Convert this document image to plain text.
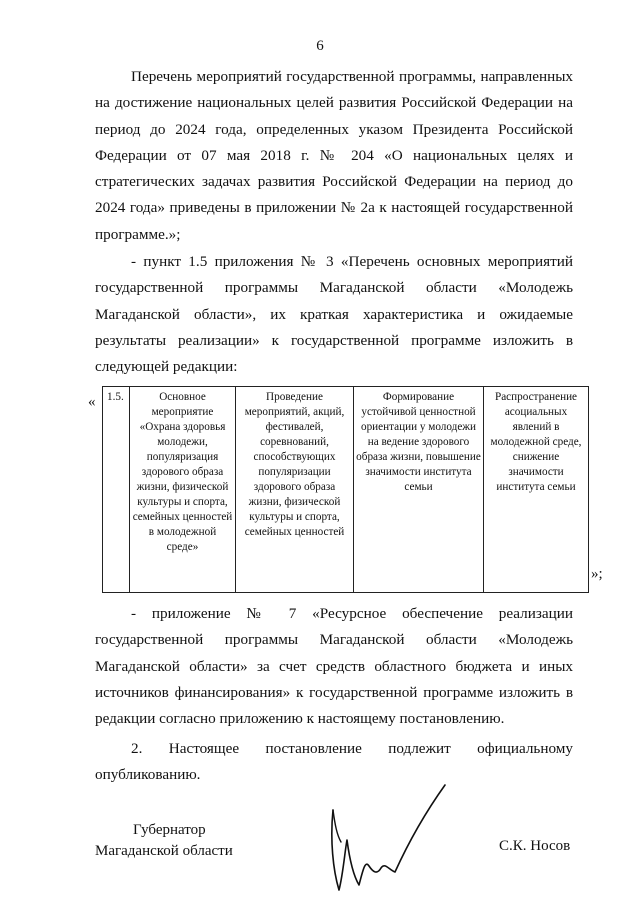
6
Перечень мероприятий государственной программы, направленных на достижение национальных целей развития Российской Федерации на период до 2024 года, определенных указом Президента Российской Федерации от 07 мая 2018 г. № 204 «О национальных целях и стратегических задачах развития Российской Федерации на период до 2024 года» приведены в приложении № 2а к настоящей государственной программе.»;
- пункт 1.5 приложения № 3 «Перечень основных мероприятий государственной программы Магаданской области «Молодежь Магаданской области», их краткая характеристика и ожидаемые результаты реализации» к государственной программе изложить в следующей редакции:
« 1.5.	Основное мероприятие «Охрана здоровья молодежи, популяризация здорового образа жизни, физической культуры и спорта, семейных ценностей в молодежной среде»	Проведение мероприятий, акций, фестивалей, соревнований, способствующих популяризации здорового образа жизни, физической культуры и спорта, семейных ценностей	Формирование устойчивой ценностной ориентации у молодежи на ведение здорового образа жизни, повышение значимости института семьи	Распространение асоциальных явлений в молодежной среде, снижение значимости института семьи
»;
- приложение № 7 «Ресурсное обеспечение реализации государственной программы Магаданской области «Молодежь Магаданской области» за счет средств областного бюджета и иных источников финансирования» к государственной программе изложить в редакции согласно приложению к настоящему постановлению.
2. Настоящее постановление подлежит официальному опубликованию.
Губернатор
Магаданской области	С.К. Носов
